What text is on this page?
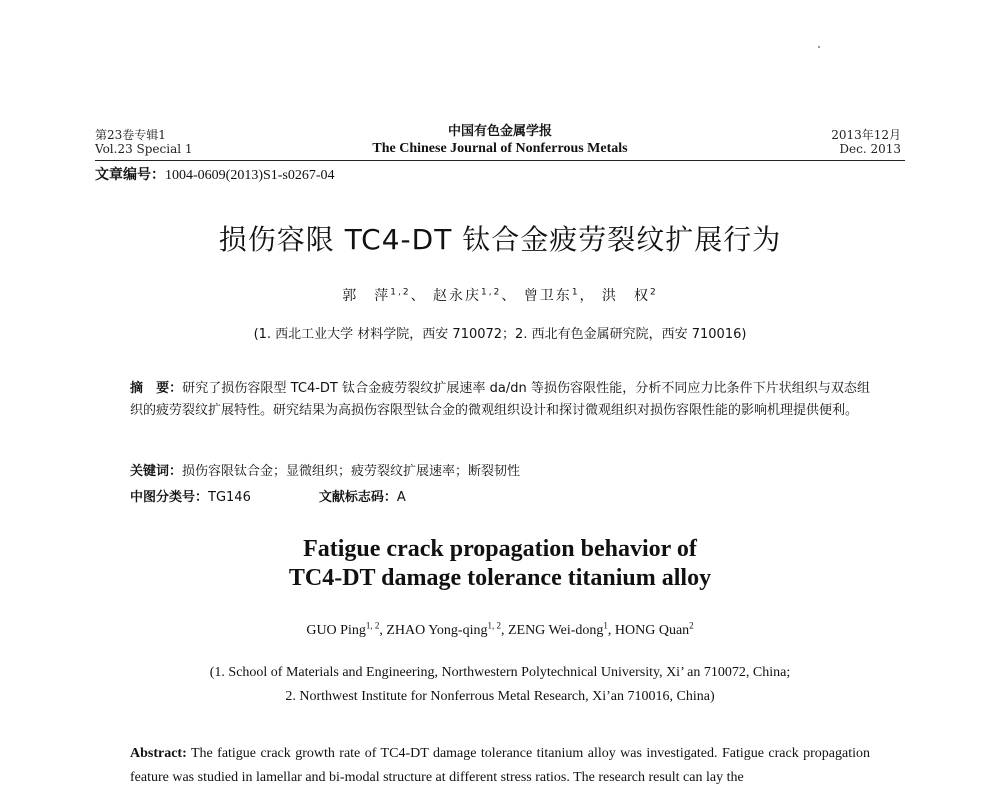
第23卷专辑1
Vol.23 Special 1
中国有色金属学报
The Chinese Journal of Nonferrous Metals
2013年12月
Dec. 2013
文章编号：1004-0609(2013)S1-s0267-04
损伤容限 TC4-DT 钛合金疲劳裂纹扩展行为
郭　萍$^{1,2}$、 赵永庆$^{1,2}$、 曾卫东$^1$， 洪　权$^2$
(1. 西北工业大学 材料学院，西安 710072；2. 西北有色金属研究院，西安 710016)
摘　要：研究了损伤容限型 TC4-DT 钛合金疲劳裂纹扩展速率 da/dn 等损伤容限性能，分析不同应力比条件下片状组织与双态组织的疲劳裂纹扩展特性。研究结果为高损伤容限型钛合金的微观组织设计和探讨微观组织对损伤容限性能的影响机理提供便利。
关键词：损伤容限钛合金；显微组织；疲劳裂纹扩展速率；断裂韧性
中图分类号：TG146	文献标志码：A
Fatigue crack propagation behavior of
TC4-DT damage tolerance titanium alloy
GUO Ping$^{1, 2}$, ZHAO Yong-qing$^{1, 2}$, ZENG Wei-dong$^1$, HONG Quan$^2$
(1. School of Materials and Engineering, Northwestern Polytechnical University, Xi’ an 710072, China;
2. Northwest Institute for Nonferrous Metal Research, Xi’an 710016, China)
Abstract: The fatigue crack growth rate of TC4-DT damage tolerance titanium alloy was investigated. Fatigue crack propagation feature was studied in lamellar and bi-modal structure at different stress ratios. The research result can lay the
